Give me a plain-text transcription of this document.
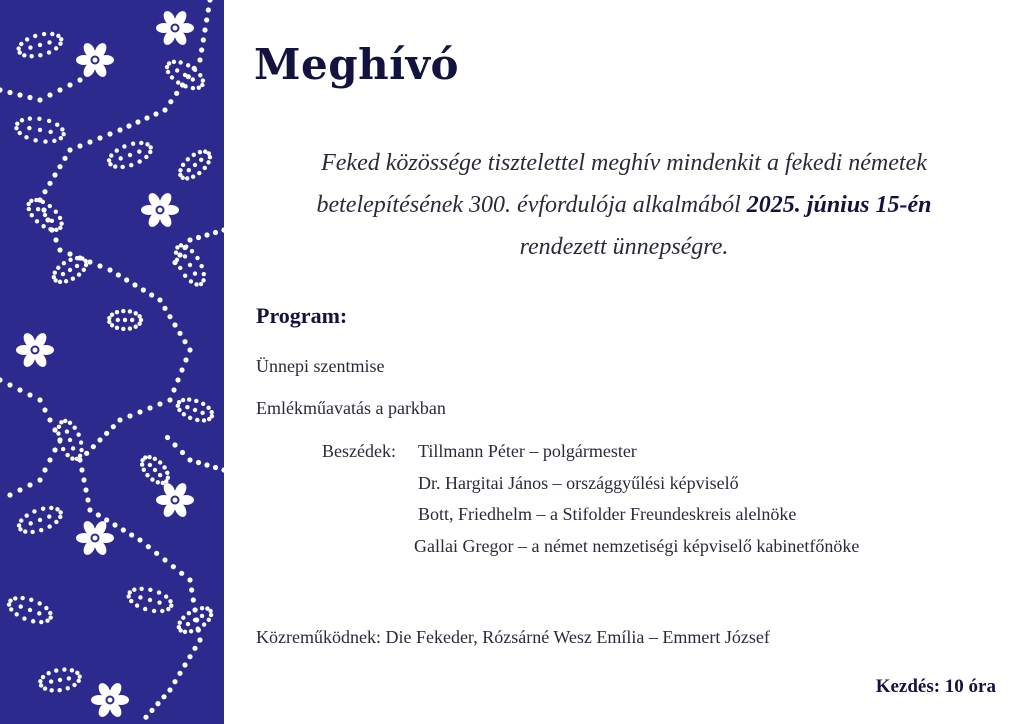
Meghívó

Feked közössége tisztelettel meghív mindenkit a fekedi németek betelepítésének 300. évfordulója alkalmából 2025. június 15-én
rendezett ünnepségre.

Program:

Ünnepi szentmise

Emlékműavatás a parkban

Beszédek: Tillmann Péter – polgármester
Dr. Hargitai János – országgyűlési képviselő
Bott, Friedhelm – a Stifolder Freundeskreis alelnöke
Gallai Gregor – a német nemzetiségi képviselő kabinetfőnöke

Közreműködnek: Die Fekeder, Rózsárné Wesz Emília – Emmert József

Kezdés: 10 óra
